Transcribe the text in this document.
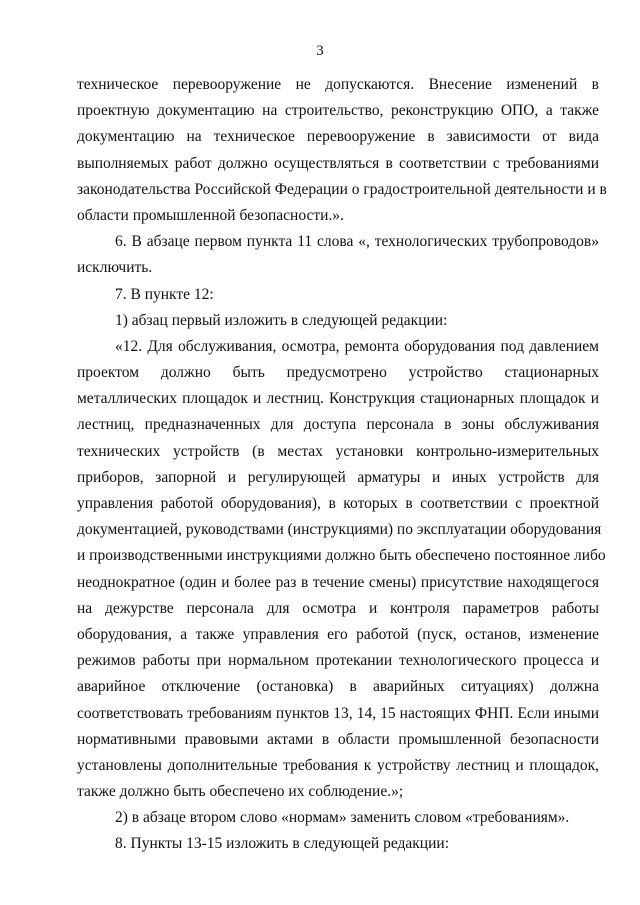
3
техническое перевооружение не допускаются. Внесение изменений в
проектную документацию на строительство, реконструкцию ОПО, а также
документацию на техническое перевооружение в зависимости от вида
выполняемых работ должно осуществляться в соответствии с требованиями
законодательства Российской Федерации о градостроительной деятельности и в
области промышленной безопасности.».
6. В абзаце первом пункта 11 слова «, технологических трубопроводов»
исключить.
7. В пункте 12:
1) абзац первый изложить в следующей редакции:
«12. Для обслуживания, осмотра, ремонта оборудования под давлением
проектом должно быть предусмотрено устройство стационарных
металлических площадок и лестниц. Конструкция стационарных площадок и
лестниц, предназначенных для доступа персонала в зоны обслуживания
технических устройств (в местах установки контрольно-измерительных
приборов, запорной и регулирующей арматуры и иных устройств для
управления работой оборудования), в которых в соответствии с проектной
документацией, руководствами (инструкциями) по эксплуатации оборудования
и производственными инструкциями должно быть обеспечено постоянное либо
неоднократное (один и более раз в течение смены) присутствие находящегося
на дежурстве персонала для осмотра и контроля параметров работы
оборудования, а также управления его работой (пуск, останов, изменение
режимов работы при нормальном протекании технологического процесса и
аварийное отключение (остановка) в аварийных ситуациях) должна
соответствовать требованиям пунктов 13, 14, 15 настоящих ФНП. Если иными
нормативными правовыми актами в области промышленной безопасности
установлены дополнительные требования к устройству лестниц и площадок,
также должно быть обеспечено их соблюдение.»;
2) в абзаце втором слово «нормам» заменить словом «требованиям».
8. Пункты 13-15 изложить в следующей редакции:
